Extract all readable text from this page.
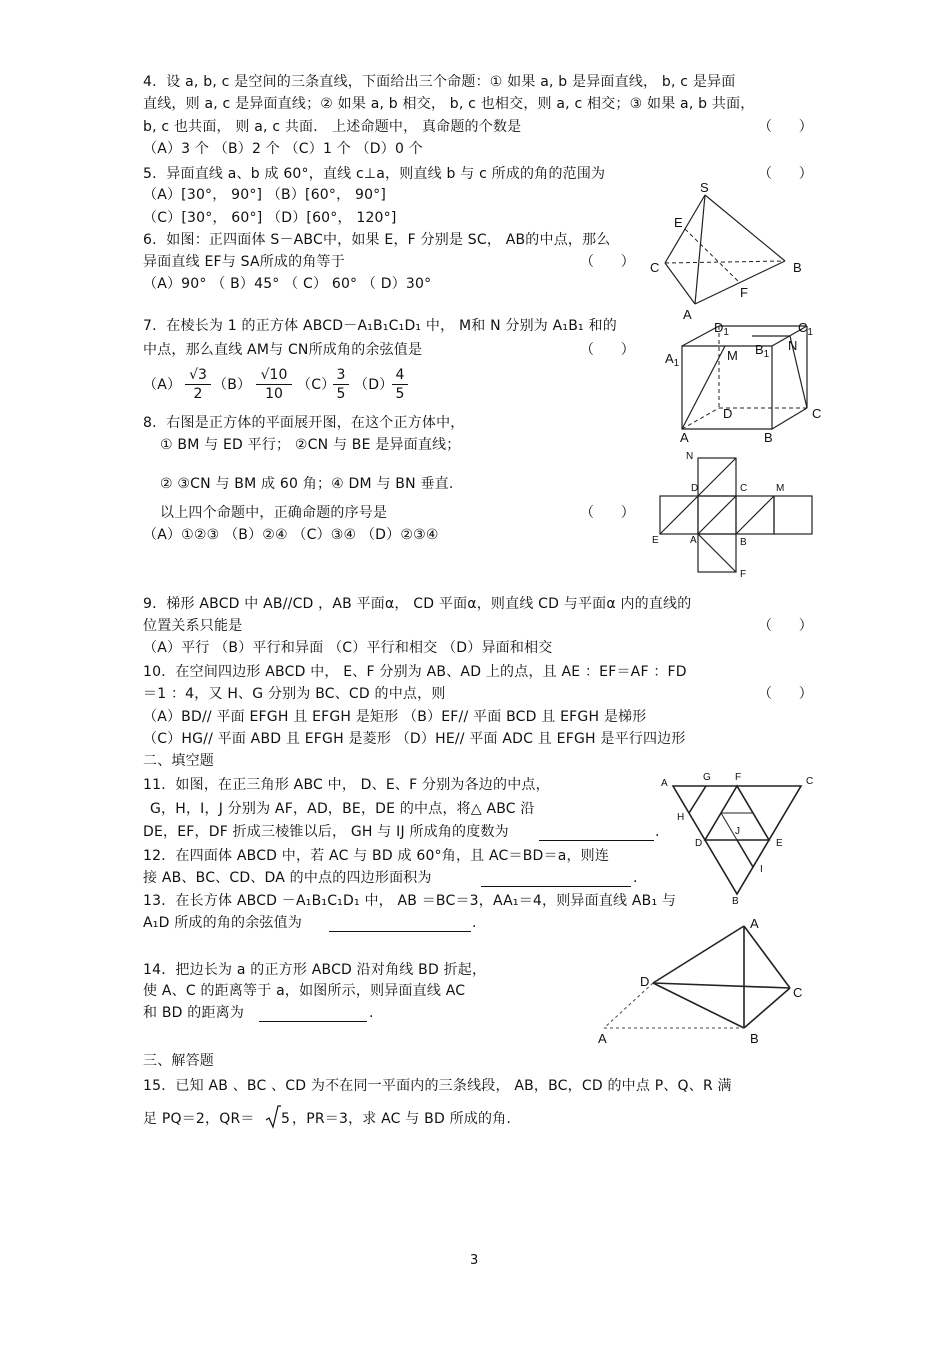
4．设 a, b, c 是空间的三条直线，下面给出三个命题：① 如果 a, b 是异面直线， b, c 是异面
直线，则 a, c 是异面直线；② 如果 a, b 相交， b, c 也相交，则 a, c 相交；③ 如果 a, b 共面，
b, c 也共面， 则 a, c 共面． 上述命题中， 真命题的个数是	（      ）
（A）3 个 （B）2 个 （C）1 个 （D）0 个
5．异面直线 a、b 成 60°，直线 c⊥a，则直线 b 与 c 所成的角的范围为	（      ）
（A）[30°， 90°] （B）[60°， 90°]
（C）[30°， 60°] （D）[60°， 120°]
6．如图：正四面体 S－ABC中，如果 E，F 分别是 SC， AB的中点，那么
异面直线 EF与 SA所成的角等于	（      ）
（A）90° （ B）45° （ C） 60° （ D）30°
S
E
C	B
F
A
7．在棱长为 1 的正方体 ABCD－A₁B₁C₁D₁ 中， M和 N 分别为 A₁B₁ 和的
中点，那么直线 AM与 CN所成角的余弦值是	（      ）
$(A) \frac{√3}{2} (B) \frac{√10}{10} (C)$
$\frac{3}{5} (D)$
$\frac{4}{5}$
$D_1$	$C_1$
$A_1$
M $B_1$
N
D
A	B
C
8．右图是正方体的平面展开图，在这个正方体中，
① BM 与 ED 平行； ②CN 与 BE 是异面直线；
② ③CN 与 BM 成 60 角；④ DM 与 BN 垂直.
以上四个命题中，正确命题的序号是	（      ）
（A）①②③ （B）②④ （C）③④ （D）②③④
N
D	C	M
E	A	B
F
9．梯形 ABCD 中 AB//CD ，AB 平面α， CD 平面α，则直线 CD 与平面α 内的直线的
位置关系只能是	（      ）
（A）平行 （B）平行和异面 （C）平行和相交 （D）异面和相交
10．在空间四边形 ABCD 中， E、F 分别为 AB、AD 上的点，且 AE ：EF＝AF ：FD
＝1 ：4，又 H、G 分别为 BC、CD 的中点，则	（      ）
（A）BD// 平面 EFGH 且 EFGH 是矩形 （B）EF// 平面 BCD 且 EFGH 是梯形
（C）HG// 平面 ABD 且 EFGH 是菱形 （D）HE// 平面 ADC 且 EFGH 是平行四边形
二、填空题
11．如图，在正三角形 ABC 中， D、E、F 分别为各边的中点，
G，H，I，J 分别为 AF，AD，BE，DE 的中点，将△ ABC 沿
DE，EF，DF 折成三棱锥以后， GH 与 IJ 所成角的度数为	.
A
G F	C
H
J
D	E
I
B
12．在四面体 ABCD 中，若 AC 与 BD 成 60°角，且 AC＝BD＝a，则连
接 AB、BC、CD、DA 的中点的四边形面积为	.
13．在长方体 ABCD －A₁B₁C₁D₁ 中， AB ＝BC＝3，AA₁＝4，则异面直线 AB₁ 与
A₁D 所成的角的余弦值为	.
14．把边长为 a 的正方形 ABCD 沿对角线 BD 折起，
使 A、C 的距离等于 a，如图所示，则异面直线 AC
和 BD 的距离为	.
A
D
C
A	B
三、解答题
15．已知 AB 、BC 、CD 为不在同一平面内的三条线段， AB，BC，CD 的中点 P、Q、R 满
足 PQ＝2，QR＝ 5 ，PR＝3，求 AC 与 BD 所成的角.
3
